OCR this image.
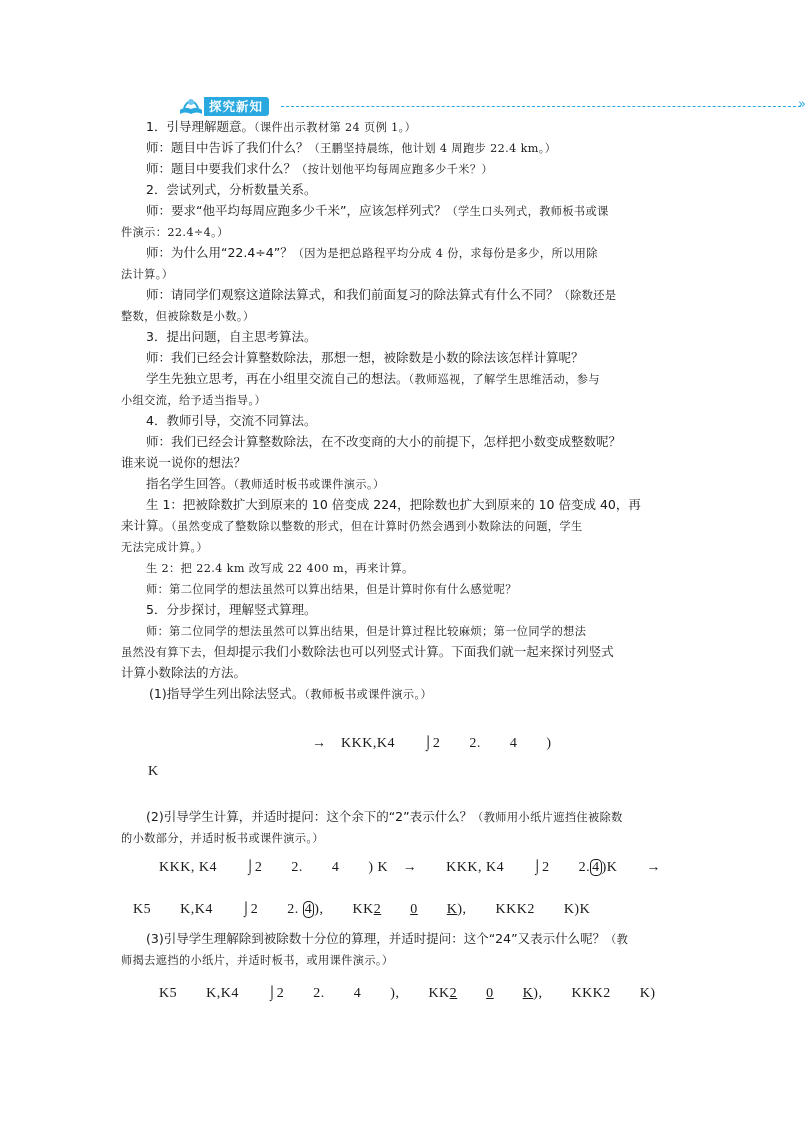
探究新知	»
1．引导理解题意。（课件出示教材第 24 页例 1。）
师：题目中告诉了我们什么？（王鹏坚持晨练，他计划 4 周跑步 22.4 km。）
师：题目中要我们求什么？（按计划他平均每周应跑多少千米？）
2．尝试列式，分析数量关系。
师：要求“他平均每周应跑多少千米”，应该怎样列式？（学生口头列式，教师板书或课
件演示：22.4÷4。）
师：为什么用“22.4÷4”？（因为是把总路程平均分成 4 份，求每份是多少，所以用除
法计算。）
师：请同学们观察这道除法算式，和我们前面复习的除法算式有什么不同？（除数还是
整数，但被除数是小数。）
3．提出问题，自主思考算法。
师：我们已经会计算整数除法，那想一想，被除数是小数的除法该怎样计算呢？
学生先独立思考，再在小组里交流自己的想法。（教师巡视，了解学生思维活动，参与
小组交流，给予适当指导。）
4．教师引导，交流不同算法。
师：我们已经会计算整数除法，在不改变商的大小的前提下，怎样把小数变成整数呢？
谁来说一说你的想法？
指名学生回答。（教师适时板书或课件演示。）
生 1：把被除数扩大到原来的 10 倍变成 224，把除数也扩大到原来的 10 倍变成 40，再
来计算。（虽然变成了整数除以整数的形式，但在计算时仍然会遇到小数除法的问题，学生
无法完成计算。）
生 2：把 22.4 km 改写成 22 400 m，再来计算。
师：第二位同学的想法虽然可以算出结果，但是计算时你有什么感觉呢？
5．分步探讨，理解竖式算理。
师：第二位同学的想法虽然可以算出结果，但是计算过程比较麻烦；第一位同学的想法
虽然没有算下去，但却提示我们小数除法也可以列竖式计算。下面我们就一起来探讨列竖式
计算小数除法的方法。
(1)指导学生列出除法竖式。（教师板书或课件演示。）
→　KKK,K4　　⌡2　　2.　　4　　)
K
(2)引导学生计算，并适时提问：这个余下的“2”表示什么？（教师用小纸片遮挡住被除数
的小数部分，并适时板书或课件演示。）
KKK, K4　　⌡2　　2.　　4　　) K　→　　KKK, K4　　⌡2　　2. 4 )K　　→
K5　　K,K4　　⌡2　　2. 4 ),　　 KK2　　 0　　 K),　　KKK2　　K)K
(3)引导学生理解除到被除数十分位的算理，并适时提问：这个“24”又表示什么呢？（教
师揭去遮挡的小纸片，并适时板书，或用课件演示。）
K5　　K,K4　　⌡2　　2.　　4　　),　　KK2　　 0　　 K),　　KKK2　　K)
